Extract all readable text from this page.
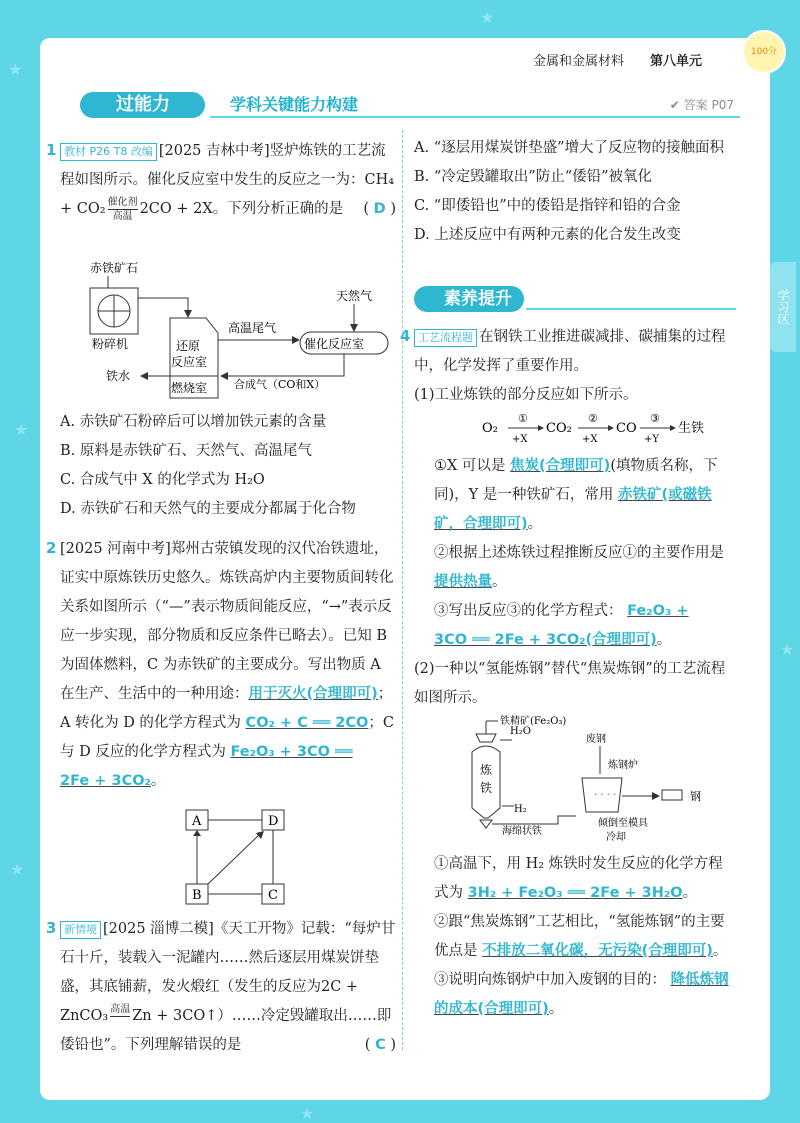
★
★
★
★
★
★
学习区
100分
金属和金属材料 第八单元
过能力	学科关键能力构建	✔ 答案 P07

1 教材 P26 T8 改编 [2025 吉林中考]竖炉炼铁的工艺流程如图所示。催化反应室中发生的反应之一为：$CH_4 + CO_2 \frac{\text{催化剂}}{\text{高温}} 2CO + 2X$。下列分析正确的是 ( D )

赤铁矿石
粉碎机	还原
反应室
燃烧室
天然气
催化反应室
高温尾气
合成气（CO和X）
铁水

A. 赤铁矿石粉碎后可以增加铁元素的含量

B. 原料是赤铁矿石、天然气、高温尾气

C. 合成气中 X 的化学式为 H₂O

D. 赤铁矿石和天然气的主要成分都属于化合物

2 [2025 河南中考]郑州古荥镇发现的汉代冶铁遗址，证实中原炼铁历史悠久。炼铁高炉内主要物质间转化关系如图所示（“—”表示物质间能反应，“→”表示反应一步实现，部分物质和反应条件已略去）。已知 B 为固体燃料，C 为赤铁矿的主要成分。写出物质 A 在生产、生活中的一种用途：用于灭火(合理即可)；A 转化为 D 的化学方程式为 CO₂ + C ══ 2CO；C 与 D 反应的化学方程式为 Fe₂O₃ + 3CO ══
2Fe + 3CO₂。

A	D
B	C

3 新情境 [2025 淄博二模]《天工开物》记载：“每炉甘石十斤，装载入一泥罐内……然后逐层用煤炭饼垫盛，其底铺薪，发火煅红（发生的反应为2C + ZnCO₃ 高温
Zn + 3CO↑）……冷定毁罐取出……即倭铅也”。下列理解错误的是	( C )

A. “逐层用煤炭饼垫盛”增大了反应物的接触面积

B. “冷定毁罐取出”防止“倭铅”被氧化

C. “即倭铅也”中的倭铅是指锌和铅的合金

D. 上述反应中有两种元素的化合发生改变

素养提升

4 工艺流程题 在钢铁工业推进碳减排、碳捕集的过程中，化学发挥了重要作用。

(1)工业炼铁的部分反应如下所示。

O₂
①
+X
CO₂
②
+X
CO
③
+Y
生铁

①X 可以是 焦炭(合理即可)(填物质名称，下同)，Y 是一种铁矿石，常用 赤铁矿(或磁铁矿，合理即可)。

②根据上述炼铁过程推断反应①的主要作用是 提供热量。

③写出反应③的化学方程式： Fe₂O₃ +
3CO ══ 2Fe + 3CO₂(合理即可)。

(2)一种以“氢能炼钢”替代“焦炭炼钢”的工艺流程如图所示。

铁精矿(Fe₂O₃)
炼
铁
H₂O
H₂
海绵状铁
废钢
炼钢炉
· · · ·
倾倒至模具
冷却
钢

①高温下，用 H₂ 炼铁时发生反应的化学方程式为 3H₂ + Fe₂O₃ ══ 2Fe + 3H₂O。

②跟“焦炭炼钢”工艺相比，“氢能炼钢”的主要优点是 不排放二氧化碳，无污染(合理即可)。

③说明向炼钢炉中加入废钢的目的： 降低炼钢的成本(合理即可)。

上课认真听
下课勤复习 10
